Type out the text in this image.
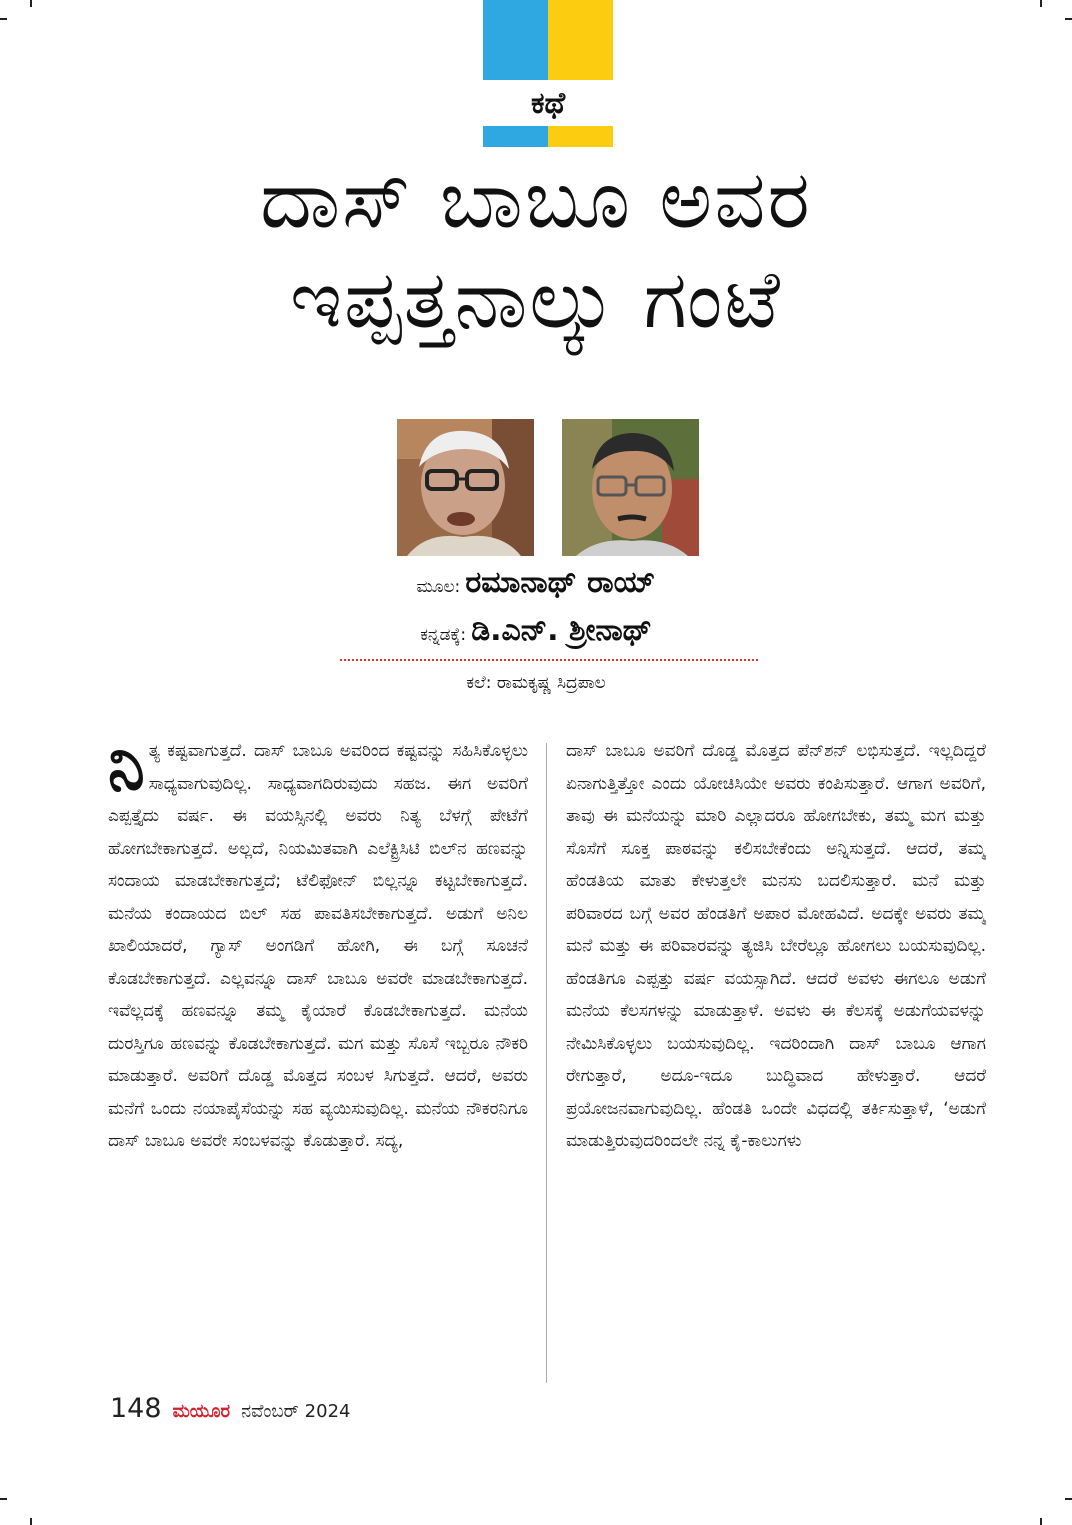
ಕಥೆ
ದಾಸ್ ಬಾಬೂ ಅವರ
ಇಪ್ಪತ್ತನಾಲ್ಕು ಗಂಟೆ
ಮೂಲ: ರಮಾನಾಥ್ ರಾಯ್
ಕನ್ನಡಕ್ಕೆ: ಡಿ.ಎನ್. ಶ್ರೀನಾಥ್
ಕಲೆ: ರಾಮಕೃಷ್ಣ ಸಿದ್ರಪಾಲ

ನಿ ತ್ಯ ಕಷ್ಟವಾಗುತ್ತದೆ. ದಾಸ್ ಬಾಬೂ ಅವರಿಂದ ಕಷ್ಟವನ್ನು ಸಹಿಸಿಕೊಳ್ಳಲು ಸಾಧ್ಯವಾಗುವುದಿಲ್ಲ. ಸಾಧ್ಯವಾಗದಿರುವುದು ಸಹಜ. ಈಗ ಅವರಿಗೆ ಎಪ್ಪತ್ತೈದು ವರ್ಷ. ಈ ವಯಸ್ಸಿನಲ್ಲಿ ಅವರು ನಿತ್ಯ ಬೆಳಗ್ಗೆ ಪೇಟೆಗೆ ಹೋಗಬೇಕಾಗುತ್ತದೆ. ಅಲ್ಲದೆ, ನಿಯಮಿತವಾಗಿ ಎಲೆಕ್ಟ್ರಿಸಿಟಿ ಬಿಲ್‌ನ ಹಣವನ್ನು ಸಂದಾಯ ಮಾಡಬೇಕಾಗುತ್ತದೆ; ಟೆಲಿಫೋನ್ ಬಿಲ್ಲನ್ನೂ ಕಟ್ಟಬೇಕಾಗುತ್ತದೆ. ಮನೆಯ ಕಂದಾಯದ ಬಿಲ್ ಸಹ ಪಾವತಿಸಬೇಕಾಗುತ್ತದೆ. ಅಡುಗೆ ಅನಿಲ ಖಾಲಿಯಾದರೆ, ಗ್ಯಾಸ್ ಅಂಗಡಿಗೆ ಹೋಗಿ, ಈ ಬಗ್ಗೆ ಸೂಚನೆ ಕೊಡಬೇಕಾಗುತ್ತದೆ. ಎಲ್ಲವನ್ನೂ ದಾಸ್ ಬಾಬೂ ಅವರೇ ಮಾಡಬೇಕಾಗುತ್ತದೆ. ಇವೆಲ್ಲದಕ್ಕೆ ಹಣವನ್ನೂ ತಮ್ಮ ಕೈಯಾರೆ ಕೊಡಬೇಕಾಗುತ್ತದೆ. ಮನೆಯ ದುರಸ್ತಿಗೂ ಹಣವನ್ನು ಕೊಡಬೇಕಾಗುತ್ತದೆ. ಮಗ ಮತ್ತು ಸೊಸೆ ಇಬ್ಬರೂ ನೌಕರಿ ಮಾಡುತ್ತಾರೆ. ಅವರಿಗೆ ದೊಡ್ಡ ಮೊತ್ತದ ಸಂಬಳ ಸಿಗುತ್ತದೆ. ಆದರೆ, ಅವರು ಮನೆಗೆ ಒಂದು ನಯಾಪೈಸೆಯನ್ನು ಸಹ ವ್ಯಯಿಸುವುದಿಲ್ಲ. ಮನೆಯ ನೌಕರನಿಗೂ ದಾಸ್ ಬಾಬೂ ಅವರೇ ಸಂಬಳವನ್ನು ಕೊಡುತ್ತಾರೆ. ಸದ್ಯ,

ದಾಸ್ ಬಾಬೂ ಅವರಿಗೆ ದೊಡ್ಡ ಮೊತ್ತದ ಪೆನ್‌ಶನ್ ಲಭಿಸುತ್ತದೆ. ಇಲ್ಲದಿದ್ದರೆ ಏನಾಗುತ್ತಿತ್ತೋ ಎಂದು ಯೋಚಿಸಿಯೇ ಅವರು ಕಂಪಿಸುತ್ತಾರೆ. ಆಗಾಗ ಅವರಿಗೆ, ತಾವು ಈ ಮನೆಯನ್ನು ಮಾರಿ ಎಲ್ಲಾದರೂ ಹೋಗಬೇಕು, ತಮ್ಮ ಮಗ ಮತ್ತು ಸೊಸೆಗೆ ಸೂಕ್ತ ಪಾಠವನ್ನು ಕಲಿಸಬೇಕೆಂದು ಅನ್ನಿಸುತ್ತದೆ. ಆದರೆ, ತಮ್ಮ ಹೆಂಡತಿಯ ಮಾತು ಕೇಳುತ್ತಲೇ ಮನಸು ಬದಲಿಸುತ್ತಾರೆ. ಮನೆ ಮತ್ತು ಪರಿವಾರದ ಬಗ್ಗೆ ಅವರ ಹೆಂಡತಿಗೆ ಅಪಾರ ಮೋಹವಿದೆ. ಅದಕ್ಕೇ ಅವರು ತಮ್ಮ ಮನೆ ಮತ್ತು ಈ ಪರಿವಾರವನ್ನು ತ್ಯಜಿಸಿ ಬೇರೆಲ್ಲೂ ಹೋಗಲು ಬಯಸುವುದಿಲ್ಲ. ಹೆಂಡತಿಗೂ ಎಪ್ಪತ್ತು ವರ್ಷ ವಯಸ್ಸಾಗಿದೆ. ಆದರೆ ಅವಳು ಈಗಲೂ ಅಡುಗೆ ಮನೆಯ ಕೆಲಸಗಳನ್ನು ಮಾಡುತ್ತಾಳೆ. ಅವಳು ಈ ಕೆಲಸಕ್ಕೆ ಅಡುಗೆಯವಳನ್ನು ನೇಮಿಸಿಕೊಳ್ಳಲು ಬಯಸುವುದಿಲ್ಲ. ಇದರಿಂದಾಗಿ ದಾಸ್ ಬಾಬೂ ಆಗಾಗ ರೇಗುತ್ತಾರೆ, ಅದೂ-ಇದೂ ಬುದ್ಧಿವಾದ ಹೇಳುತ್ತಾರೆ. ಆದರೆ ಪ್ರಯೋಜನವಾಗುವುದಿಲ್ಲ. ಹೆಂಡತಿ ಒಂದೇ ವಿಧದಲ್ಲಿ ತರ್ಕಿಸುತ್ತಾಳೆ, ‘ಅಡುಗೆ ಮಾಡುತ್ತಿರುವುದರಿಂದಲೇ ನನ್ನ ಕೈ-ಕಾಲುಗಳು

148 ಮಯೂರ ನವೆಂಬರ್ 2024
